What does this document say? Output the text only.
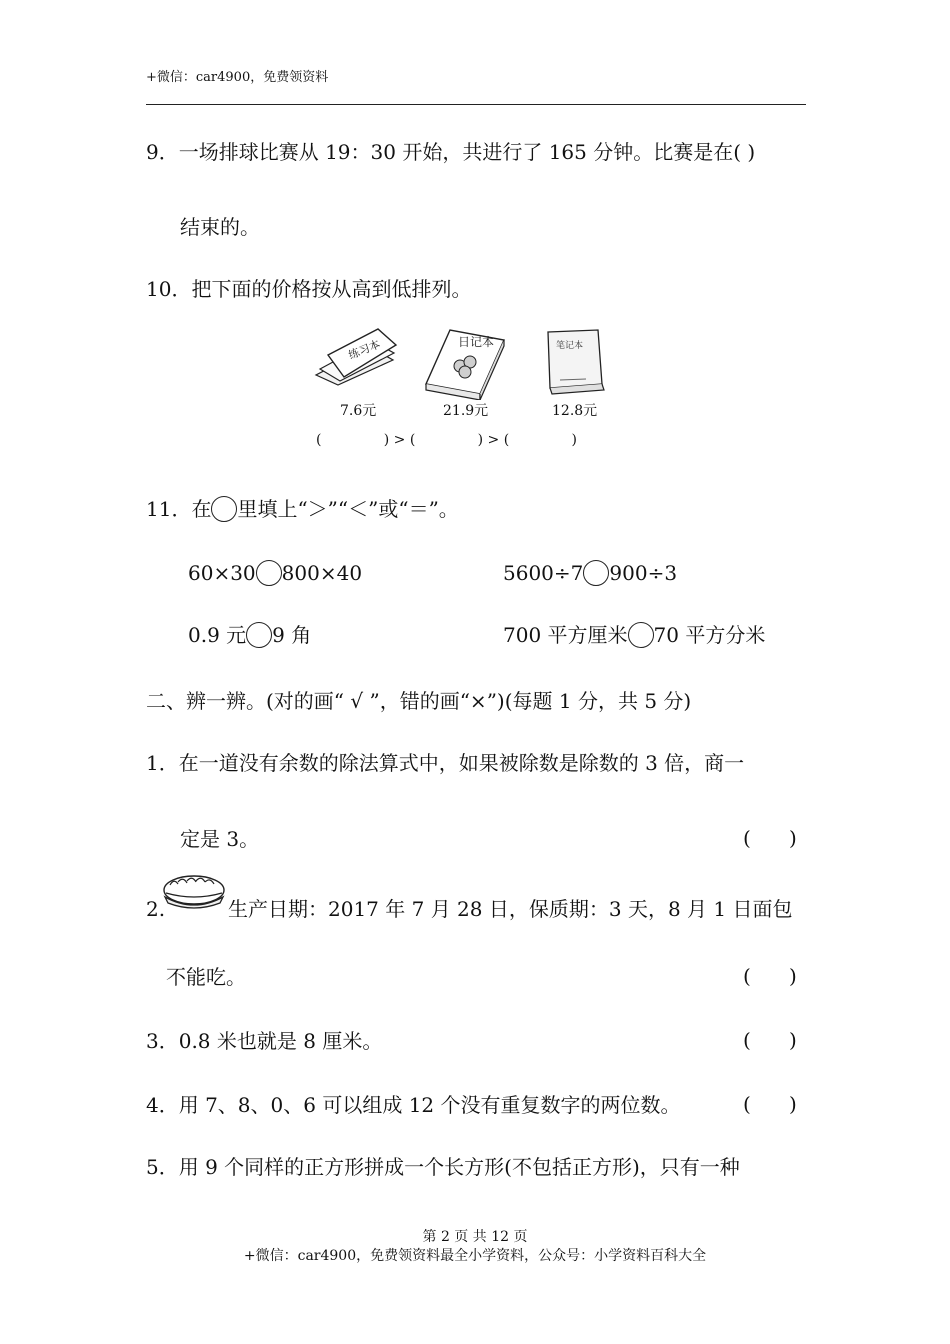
+微信：car4900，免费领资料
9．一场排球比赛从 19：30 开始，共进行了 165 分钟。比赛是在( )
结束的。
10．把下面的价格按从高到低排列。
练习本	日记本	笔记本
7.6元	21.9元	12.8元
(              ) > (              ) > (              )
11．在 里填上“＞”“＜”或“＝”。
60×30 800×40	5600÷7 900÷3
0.9 元 9 角	700 平方厘米 70 平方分米
二、辨一辨。(对的画“ √ ”，错的画“×”)(每题 1 分，共 5 分)
1．在一道没有余数的除法算式中，如果被除数是除数的 3 倍，商一
定是 3。	(      )
2.	生产日期：2017 年 7 月 28 日，保质期：3 天，8 月 1 日面包
不能吃。	(      )
3．0.8 米也就是 8 厘米。	(      )
4．用 7、8、0、6 可以组成 12 个没有重复数字的两位数。	(      )
5．用 9 个同样的正方形拼成一个长方形(不包括正方形)，只有一种
第 2 页 共 12 页
+微信：car4900，免费领资料最全小学资料，公众号：小学资料百科大全
